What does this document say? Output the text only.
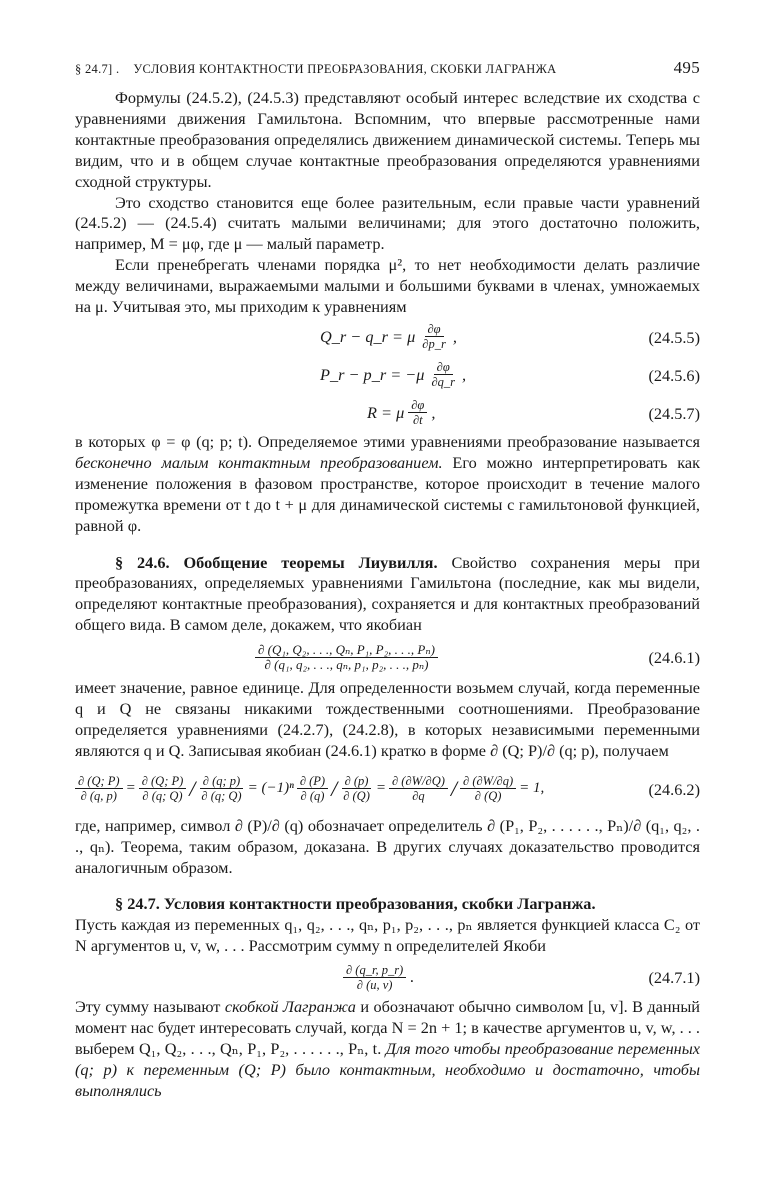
§ 24.7] . УСЛОВИЯ КОНТАКТНОСТИ ПРЕОБРАЗОВАНИЯ, СКОБКИ ЛАГРАНЖА	495

Формулы (24.5.2), (24.5.3) представляют особый интерес вследствие их сходства с уравнениями движения Гамильтона. Вспомним, что впервые рассмотренные нами контактные преобразования определялись движением динамической системы. Теперь мы видим, что и в общем случае контактные преобразования определяются уравнениями сходной структуры.

Это сходство становится еще более разительным, если правые части уравнений (24.5.2) — (24.5.4) считать малыми величинами; для этого достаточно положить, например, M = μφ, где μ — малый параметр.

Если пренебрегать членами порядка μ², то нет необходимости делать различие между величинами, выражаемыми малыми и большими буквами в членах, умножаемых на μ. Учитывая это, мы приходим к уравнениям

Q_r − q_r = μ $\frac{\partial\varphi}{\partial p\_r}$ ,	(24.5.5)
P_r − p_r = $-\mu \frac{\partial\varphi}{\partial q\_r}$ ,	(24.5.6)
R = μ $\frac{\partial\varphi}{\partial t}$ ,	(24.5.7)

в которых φ = φ (q; p; t). Определяемое этими уравнениями преобразование называется бесконечно малым контактным преобразованием. Его можно интерпретировать как изменение положения в фазовом пространстве, которое происходит в течение малого промежутка времени от t до t + μ для динамической системы с гамильтоновой функцией, равной φ.

§ 24.6. Обобщение теоремы Лиувилля. Свойство сохранения меры при преобразованиях, определяемых уравнениями Гамильтона (последние, как мы видели, определяют контактные преобразования), сохраняется и для контактных преобразований общего вида. В самом деле, докажем, что якобиан

$\frac{\text{∂ (Q₁, Q₂, . . ., Qₙ, P₁, P₂, . . ., Pₙ)}}{\text{∂ (q₁, q₂, . . ., qₙ, p₁, p₂, . . ., pₙ)}}$	(24.6.1)

имеет значение, равное единице. Для определенности возьмем случай, когда переменные q и Q не связаны никакими тождественными соотношениями. Преобразование определяется уравнениями (24.2.7), (24.2.8), в которых независимыми переменными являются q и Q. Записывая якобиан (24.6.1) кратко в форме ∂ (Q; P)/∂ (q; p), получаем

$\frac{\partial (Q; P)}{\partial (q, p)} = \frac{\partial (Q; P)}{\partial (q; Q)} / \frac{\partial (q; p)}{\partial (q; Q)} = (-1)^n \frac{\partial (P)}{\partial (q)} / \frac{\partial (p)}{\partial (Q)} = \frac{\partial (\partial W/\partial Q)}{\partial q} / \frac{\partial (\partial W/\partial q)}{\partial (Q)} = 1$,	(24.6.2)

где, например, символ ∂ (P)/∂ (q) обозначает определитель ∂ (P₁, P₂, . . . . . ., Pₙ)/∂ (q₁, q₂, . ., qₙ). Теорема, таким образом, доказана. В других случаях доказательство проводится аналогичным образом.

§ 24.7. Условия контактности преобразования, скобки Лагранжа.

Пусть каждая из переменных q₁, q₂, . . ., qₙ, p₁, p₂, . . ., pₙ является функцией класса C₂ от N аргументов u, v, w, . . . Рассмотрим сумму n определителей Якоби

$\frac{\partial (q\_r, p\_r)}{\partial (u, v)}$ .	(24.7.1)

Эту сумму называют скобкой Лагранжа и обозначают обычно символом [u, v]. В данный момент нас будет интересовать случай, когда N = 2n + 1; в качестве аргументов u, v, w, . . . выберем Q₁, Q₂, . . ., Qₙ, P₁, P₂, . . . . . ., Pₙ, t. Для того чтобы преобразование переменных (q; p) к переменным (Q; P) было контактным, необходимо и достаточно, чтобы выполнялись
